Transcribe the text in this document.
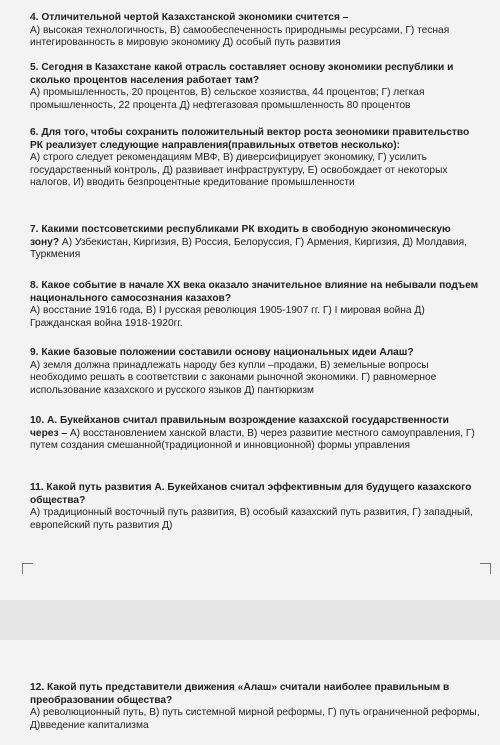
4. Отличительной чертой Казахстанской экономики считется –
А) высокая технологичность, В) самообеспеченность природнымы ресурсами, Г) тесная интегированность в мировую экономику Д) особый путь развития
5. Сегодня в Казахстане какой отрасль составляет основу экономики республики и сколько процентов населения работает там?
А) промышленность, 20 процентов, В) сельское хозяиства, 44 процентов; Г) легкая промышленность, 22 процента Д) нефтегазовая промышленность 80 процентов
6. Для того, чтобы сохранить положительный вектор роста зеономики правительство РК реализует следующие направления(правильных ответов несколько):
А) строго следует рекомендациям МВФ, В) диверсифицирует экономику, Г) усилить государственный контроль, Д) развивает инфраструктуру, Е) освобождает от некоторых налогов, И) вводить безпроцентные кредитование промышленности
7. Какими постсоветскими республиками РК входить в свободную экономическую зону? А) Узбекистан, Киргизия, В) Россия, Белоруссия, Г) Армения, Киргизия, Д) Молдавия, Туркмения
8. Какое событие в начале ХХ века оказало значительное влияние на небывали подъем национального самосознания казахов?
А) восстание 1916 года, В) I русская революция 1905-1907 гг. Г) I мировая война Д) Гражданская война 1918-1920гг.
9. Какие базовые положении составили основу национальных идеи Алаш?
А) земля должна принадлежать народу без купли –продажи, В) земельные вопросы необходимо решать в соответствии с законами рыночной экономики. Г) равномерное использование казахского и русского языков Д) пантюркизм
10. А. Букейханов считал правильным возрождение казахской государственности через – А) восстановлением ханской власти, В) через развитие местного самоуправления, Г) путем создания смешанной(традиционной и инновционной) формы управления
11. Какой путь развития А. Букейханов считал эффективным для будущего казахского общества?
А) традиционный восточный путь развития, В) особый казахский путь развития, Г) западный, европейский путь развития Д)
12. Какой путь представители движения «Алаш» считали наиболее правильным в преобразовании общества?
А) революционный путь, В) путь системной мирной реформы, Г) путь ограниченной реформы, Д)введение капитализма
